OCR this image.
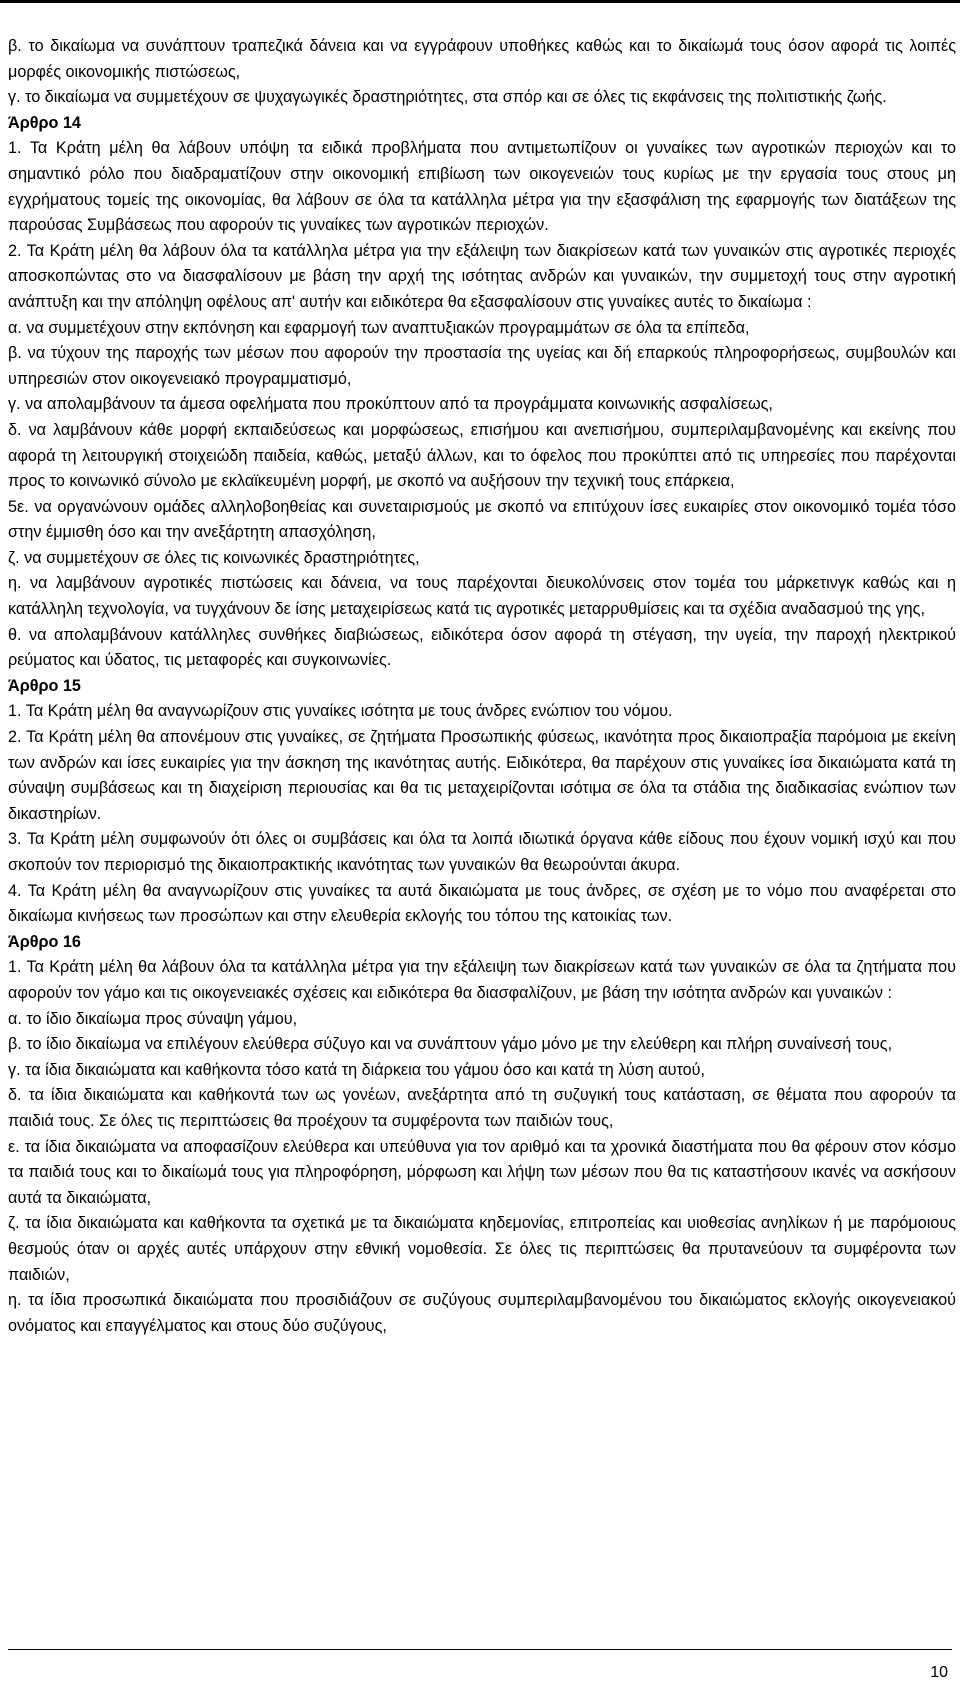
β. το δικαίωμα να συνάπτουν τραπεζικά δάνεια και να εγγράφουν υποθήκες καθώς και το δικαίωμά τους όσον αφορά τις λοιπές μορφές οικονομικής πιστώσεως,
γ. το δικαίωμα να συμμετέχουν σε ψυχαγωγικές δραστηριότητες, στα σπόρ και σε όλες τις εκφάνσεις της πολιτιστικής ζωής.
Άρθρο 14
1. Τα Κράτη μέλη θα λάβουν υπόψη τα ειδικά προβλήματα που αντιμετωπίζουν οι γυναίκες των αγροτικών περιοχών και το σημαντικό ρόλο που διαδραματίζουν στην οικονομική επιβίωση των οικογενειών τους κυρίως με την εργασία τους στους μη εγχρήματους τομείς της οικονομίας, θα λάβουν σε όλα τα κατάλληλα μέτρα για την εξασφάλιση της εφαρμογής των διατάξεων της παρούσας Συμβάσεως που αφορούν τις γυναίκες των αγροτικών περιοχών.
2. Τα Κράτη μέλη θα λάβουν όλα τα κατάλληλα μέτρα για την εξάλειψη των διακρίσεων κατά των γυναικών στις αγροτικές περιοχές αποσκοπώντας στο να διασφαλίσουν με βάση την αρχή της ισότητας ανδρών και γυναικών, την συμμετοχή τους στην αγροτική ανάπτυξη και την απόληψη οφέλους απ' αυτήν και ειδικότερα θα εξασφαλίσουν στις γυναίκες αυτές το δικαίωμα :
α. να συμμετέχουν στην εκπόνηση και εφαρμογή των αναπτυξιακών προγραμμάτων σε όλα τα επίπεδα,
β. να τύχουν της παροχής των μέσων που αφορούν την προστασία της υγείας και δή επαρκούς πληροφορήσεως, συμβουλών και υπηρεσιών στον οικογενειακό προγραμματισμό,
γ. να απολαμβάνουν τα άμεσα οφελήματα που προκύπτουν από τα προγράμματα κοινωνικής ασφαλίσεως,
δ. να λαμβάνουν κάθε μορφή εκπαιδεύσεως και μορφώσεως, επισήμου και ανεπισήμου, συμπεριλαμβανομένης και εκείνης που αφορά τη λειτουργική στοιχειώδη παιδεία, καθώς, μεταξύ άλλων, και το όφελος που προκύπτει από τις υπηρεσίες που παρέχονται προς το κοινωνικό σύνολο με εκλαϊκευμένη μορφή, με σκοπό να αυξήσουν την τεχνική τους επάρκεια,
5ε. να οργανώνουν ομάδες αλληλοβοηθείας και συνεταιρισμούς με σκοπό να επιτύχουν ίσες ευκαιρίες στον οικονομικό τομέα τόσο στην έμμισθη όσο και την ανεξάρτητη απασχόληση,
ζ. να συμμετέχουν σε όλες τις κοινωνικές δραστηριότητες,
η. να λαμβάνουν αγροτικές πιστώσεις και δάνεια, να τους παρέχονται διευκολύνσεις στον τομέα του μάρκετινγκ καθώς και η κατάλληλη τεχνολογία, να τυγχάνουν δε ίσης μεταχειρίσεως κατά τις αγροτικές μεταρρυθμίσεις και τα σχέδια αναδασμού της γης,
θ. να απολαμβάνουν κατάλληλες συνθήκες διαβιώσεως, ειδικότερα όσον αφορά τη στέγαση, την υγεία, την παροχή ηλεκτρικού ρεύματος και ύδατος, τις μεταφορές και συγκοινωνίες.
Άρθρο 15
1. Τα Κράτη μέλη θα αναγνωρίζουν στις γυναίκες ισότητα με τους άνδρες ενώπιον του νόμου.
2. Τα Κράτη μέλη θα απονέμουν στις γυναίκες, σε ζητήματα Προσωπικής φύσεως, ικανότητα προς δικαιοπραξία παρόμοια με εκείνη των ανδρών και ίσες ευκαιρίες για την άσκηση της ικανότητας αυτής. Ειδικότερα, θα παρέχουν στις γυναίκες ίσα δικαιώματα κατά τη σύναψη συμβάσεως και τη διαχείριση περιουσίας και θα τις μεταχειρίζονται ισότιμα σε όλα τα στάδια της διαδικασίας ενώπιον των δικαστηρίων.
3. Τα Κράτη μέλη συμφωνούν ότι όλες οι συμβάσεις και όλα τα λοιπά ιδιωτικά όργανα κάθε είδους που έχουν νομική ισχύ και που σκοπούν τον περιορισμό της δικαιοπρακτικής ικανότητας των γυναικών θα θεωρούνται άκυρα.
4. Τα Κράτη μέλη θα αναγνωρίζουν στις γυναίκες τα αυτά δικαιώματα με τους άνδρες, σε σχέση με το νόμο που αναφέρεται στο δικαίωμα κινήσεως των προσώπων και στην ελευθερία εκλογής του τόπου της κατοικίας των.
Άρθρο 16
1. Τα Κράτη μέλη θα λάβουν όλα τα κατάλληλα μέτρα για την εξάλειψη των διακρίσεων κατά των γυναικών σε όλα τα ζητήματα που αφορούν τον γάμο και τις οικογενειακές σχέσεις και ειδικότερα θα διασφαλίζουν, με βάση την ισότητα ανδρών και γυναικών :
α. το ίδιο δικαίωμα προς σύναψη γάμου,
β. το ίδιο δικαίωμα να επιλέγουν ελεύθερα σύζυγο και να συνάπτουν γάμο μόνο με την ελεύθερη και πλήρη συναίνεσή τους,
γ. τα ίδια δικαιώματα και καθήκοντα τόσο κατά τη διάρκεια του γάμου όσο και κατά τη λύση αυτού,
δ. τα ίδια δικαιώματα και καθήκοντά των ως γονέων, ανεξάρτητα από τη συζυγική τους κατάσταση, σε θέματα που αφορούν τα παιδιά τους. Σε όλες τις περιπτώσεις θα προέχουν τα συμφέροντα των παιδιών τους,
ε. τα ίδια δικαιώματα να αποφασίζουν ελεύθερα και υπεύθυνα για τον αριθμό και τα χρονικά διαστήματα που θα φέρουν στον κόσμο τα παιδιά τους και το δικαίωμά τους για πληροφόρηση, μόρφωση και λήψη των μέσων που θα τις καταστήσουν ικανές να ασκήσουν αυτά τα δικαιώματα,
ζ. τα ίδια δικαιώματα και καθήκοντα τα σχετικά με τα δικαιώματα κηδεμονίας, επιτροπείας και υιοθεσίας ανηλίκων ή με παρόμοιους θεσμούς όταν οι αρχές αυτές υπάρχουν στην εθνική νομοθεσία. Σε όλες τις περιπτώσεις θα πρυτανεύουν τα συμφέροντα των παιδιών,
η. τα ίδια προσωπικά δικαιώματα που προσιδιάζουν σε συζύγους συμπεριλαμβανομένου του δικαιώματος εκλογής οικογενειακού ονόματος και επαγγέλματος και στους δύο συζύγους,
10
